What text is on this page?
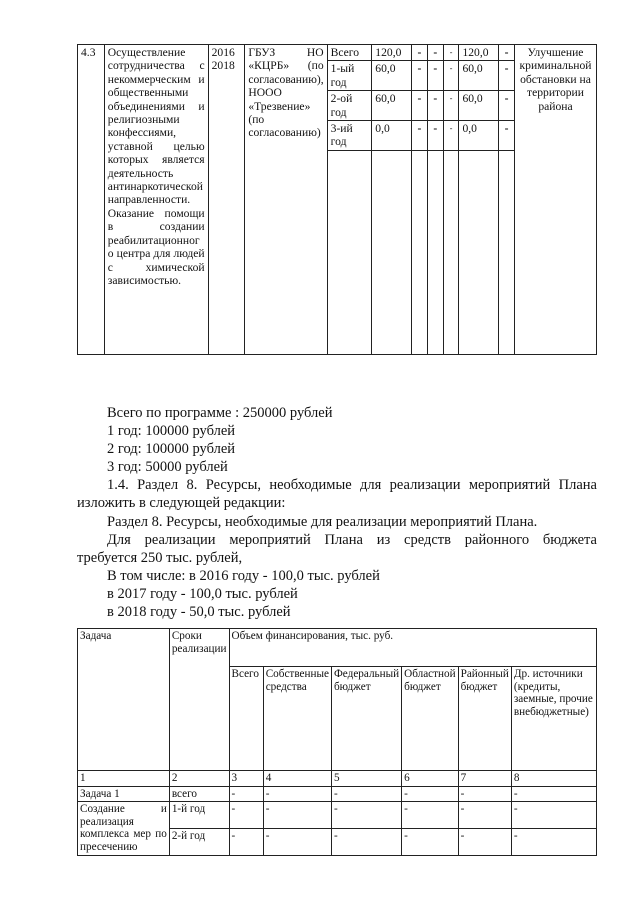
4.3	Осуществление сотрудничества с некоммерческим и общественными объединениями и религиозными конфессиями, уставной целью которых является деятельность антинаркотической направленности. Оказание помощи в создании реабилитационного центра для людей с химической зависимостью.	2016 2018	ГБУЗ НО «КЦРБ» (по согласованию), НООО «Трезвение» (по согласованию)	Всего	120,0	-	-	-	120,0	-	Улучшение криминальной обстановки на территории района
				1-ый год	60,0	-	-	-	60,0	-	
				2-ой год	60,0	-	-	-	60,0	-	
				3-ий год	0,0	-	-	-	0,0	-	

Всего по программе : 250000 рублей
1 год: 100000 рублей
2 год: 100000 рублей
3 год: 50000 рублей
1.4. Раздел 8. Ресурсы, необходимые для реализации мероприятий Плана
изложить в следующей редакции:
Раздел 8. Ресурсы, необходимые для реализации мероприятий Плана.
Для реализации мероприятий Плана из средств районного бюджета
требуется 250 тыс. рублей,
В том числе: в 2016 году - 100,0 тыс. рублей
в 2017 году - 100,0 тыс. рублей
в 2018 году - 50,0 тыс. рублей
Задача	Сроки реализации	Объем финансирования, тыс. руб.					
		Всего	Собственные средства	Федеральный бюджет	Областной бюджет	Районный бюджет	Др. источники (кредиты, заемные, прочие внебюджетные)
1	2	3	4	5	6	7	8
Задача 1	всего	-	-	-	-	-	-
Создание и реализация комплекса мер по пресечению	1-й год	-	-	-	-	-	-
	2-й год	-	-	-	-	-	-
